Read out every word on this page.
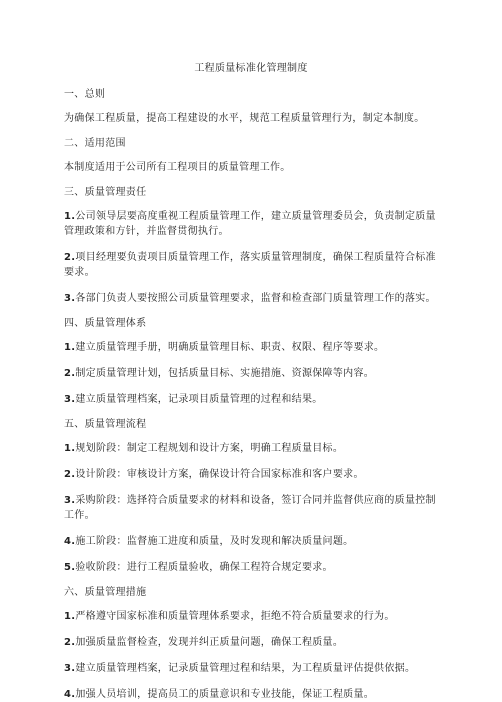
工程质量标准化管理制度
一、总则
为确保工程质量，提高工程建设的水平，规范工程质量管理行为，制定本制度。
二、适用范围
本制度适用于公司所有工程项目的质量管理工作。
三、质量管理责任
1.公司领导层要高度重视工程质量管理工作，建立质量管理委员会，负责制定质量管理政策和方针，并监督贯彻执行。
2.项目经理要负责项目质量管理工作，落实质量管理制度，确保工程质量符合标准要求。
3.各部门负责人要按照公司质量管理要求，监督和检查部门质量管理工作的落实。
四、质量管理体系
1.建立质量管理手册，明确质量管理目标、职责、权限、程序等要求。
2.制定质量管理计划，包括质量目标、实施措施、资源保障等内容。
3.建立质量管理档案，记录项目质量管理的过程和结果。
五、质量管理流程
1.规划阶段：制定工程规划和设计方案，明确工程质量目标。
2.设计阶段：审核设计方案，确保设计符合国家标准和客户要求。
3.采购阶段：选择符合质量要求的材料和设备，签订合同并监督供应商的质量控制工作。
4.施工阶段：监督施工进度和质量，及时发现和解决质量问题。
5.验收阶段：进行工程质量验收，确保工程符合规定要求。
六、质量管理措施
1.严格遵守国家标准和质量管理体系要求，拒绝不符合质量要求的行为。
2.加强质量监督检查，发现并纠正质量问题，确保工程质量。
3.建立质量管理档案，记录质量管理过程和结果，为工程质量评估提供依据。
4.加强人员培训，提高员工的质量意识和专业技能，保证工程质量。
